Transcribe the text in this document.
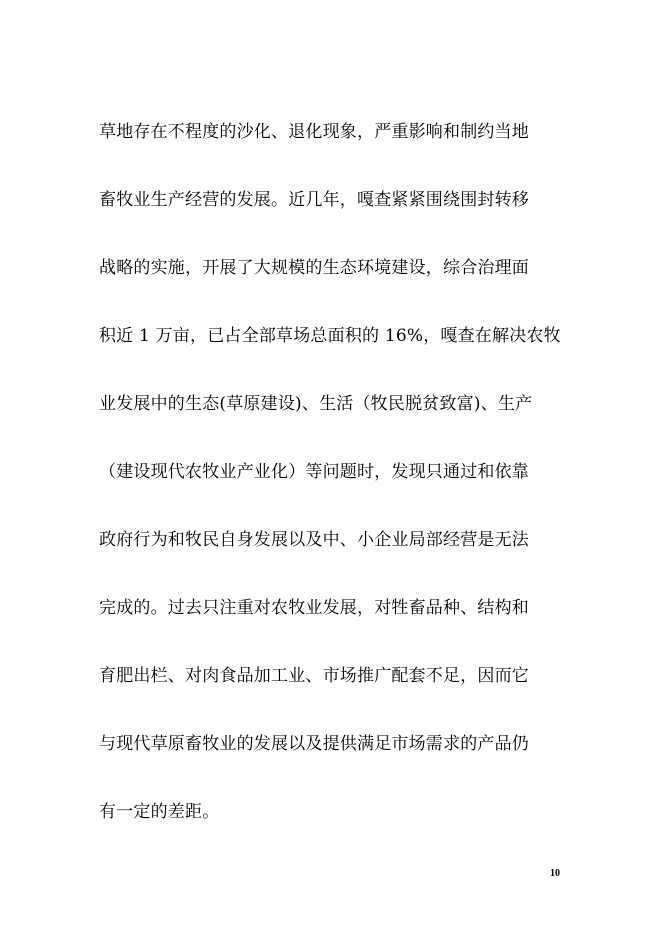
草地存在不程度的沙化、退化现象，严重影响和制约当地
畜牧业生产经营的发展。近几年，嘎查紧紧围绕围封转移
战略的实施，开展了大规模的生态环境建设，综合治理面
积近 1 万亩，已占全部草场总面积的 16%，嘎查在解决农牧
业发展中的生态(草原建设)、生活（牧民脱贫致富)、生产
（建设现代农牧业产业化）等问题时，发现只通过和依靠
政府行为和牧民自身发展以及中、小企业局部经营是无法
完成的。过去只注重对农牧业发展，对牲畜品种、结构和
育肥出栏、对肉食品加工业、市场推广配套不足，因而它
与现代草原畜牧业的发展以及提供满足市场需求的产品仍
有一定的差距。
10
